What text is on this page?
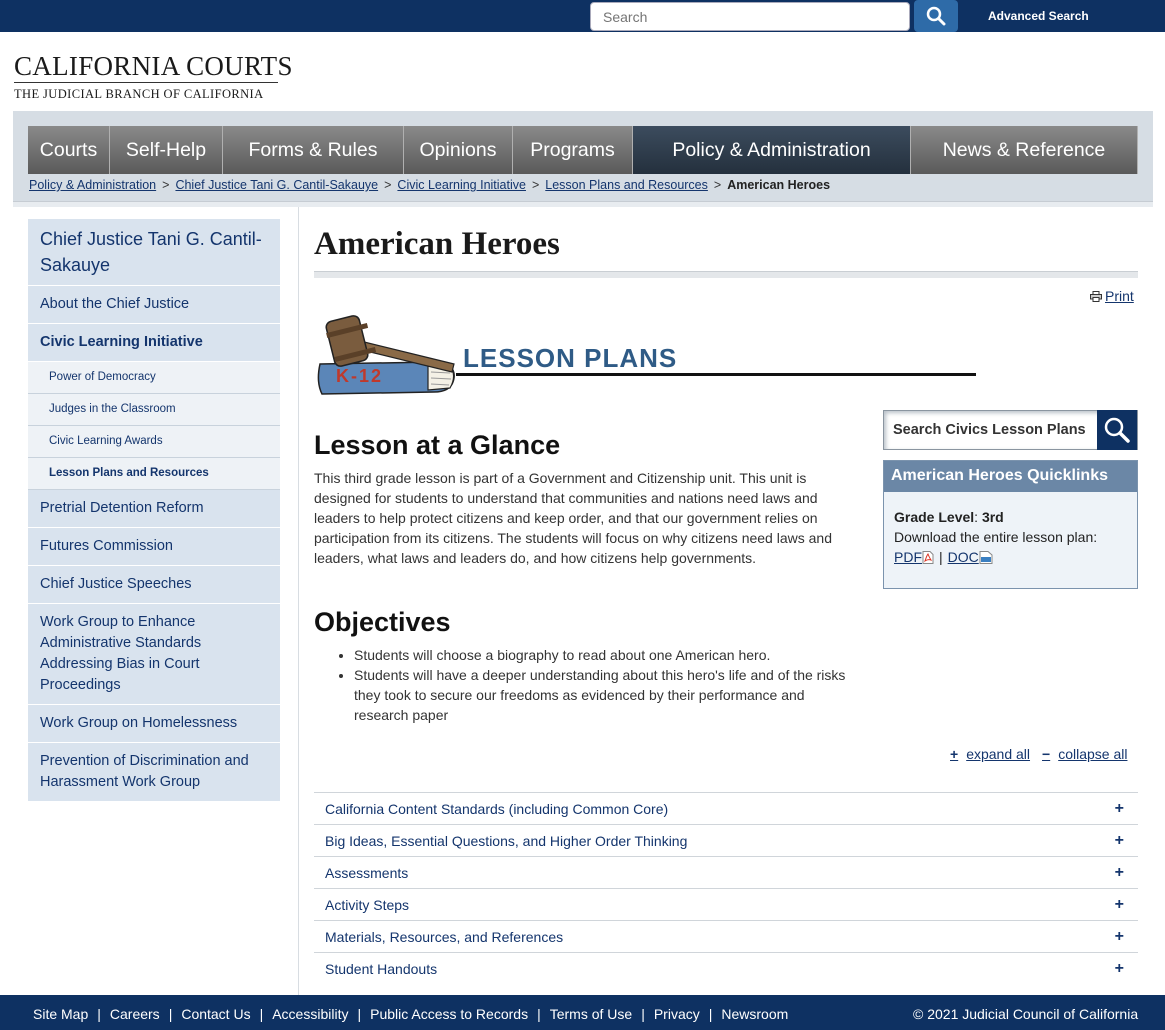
Search
Advanced Search
CALIFORNIA COURTS
THE JUDICIAL BRANCH OF CALIFORNIA
Courts	Self-Help	Forms & Rules	Opinions	Programs	Policy & Administration	News & Reference
Policy & Administration > Chief Justice Tani G. Cantil-Sakauye > Civic Learning Initiative > Lesson Plans and Resources > American Heroes
Chief Justice Tani G. Cantil-Sakauye
About the Chief Justice
Civic Learning Initiative
Power of Democracy
Judges in the Classroom
Civic Learning Awards
Lesson Plans and Resources
Pretrial Detention Reform
Futures Commission
Chief Justice Speeches
Work Group to Enhance Administrative Standards Addressing Bias in Court Proceedings
Work Group on Homelessness
Prevention of Discrimination and Harassment Work Group
American Heroes
Print
K-12
LESSON PLANS
Lesson at a Glance

This third grade lesson is part of a Government and Citizenship unit. This unit is designed for students to understand that communities and nations need laws and leaders to help protect citizens and keep order, and that our government relies on participation from its citizens. The students will focus on why citizens need laws and leaders, what laws and leaders do, and how citizens help governments.

Objectives
• Students will choose a biography to read about one American hero.
• Students will have a deeper understanding about this hero's life and of the risks they took to secure our freedoms as evidenced by their performance and research paper
Search Civics Lesson Plans
American Heroes Quicklinks
Grade Level: 3rd
Download the entire lesson plan:
PDF | DOC
+ expand all − collapse all
California Content Standards (including Common Core)	+
Big Ideas, Essential Questions, and Higher Order Thinking	+
Assessments	+
Activity Steps	+
Materials, Resources, and References	+
Student Handouts	+
Site Map | Careers | Contact Us | Accessibility | Public Access to Records | Terms of Use | Privacy | Newsroom	© 2021 Judicial Council of California
